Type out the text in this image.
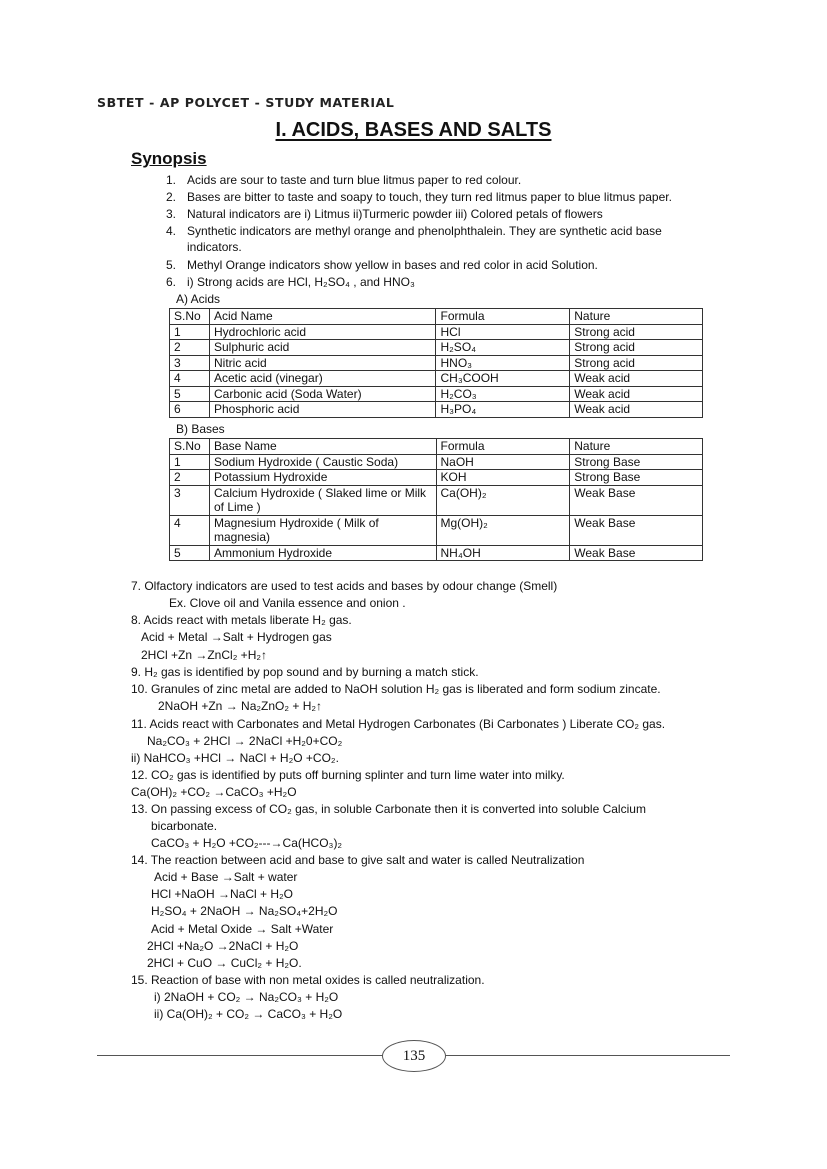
SBTET - AP POLYCET - STUDY MATERIAL
I. ACIDS, BASES AND SALTS
Synopsis
1. Acids are sour to taste and turn blue litmus paper to red colour.
2. Bases are bitter to taste and soapy to touch, they turn red litmus paper to blue litmus paper.
3. Natural indicators are i) Litmus ii)Turmeric powder iii) Colored petals of flowers
4. Synthetic indicators are methyl orange and phenolphthalein. They are synthetic acid base
indicators.
5. Methyl Orange indicators show yellow in bases and red color in acid Solution.
6. i) Strong acids are HCl, H₂SO₄ , and HNO₃
A) Acids
S.No	Acid Name	Formula	Nature
1	Hydrochloric acid	HCl	Strong acid
2	Sulphuric acid	H₂SO₄	Strong acid
3	Nitric acid	HNO₃	Strong acid
4	Acetic acid (vinegar)	CH₃COOH	Weak acid
5	Carbonic acid (Soda Water)	H₂CO₃	Weak acid
6	Phosphoric acid	H₃PO₄	Weak acid
B) Bases
S.No	Base Name	Formula	Nature
1	Sodium Hydroxide ( Caustic Soda)	NaOH	Strong Base
2	Potassium Hydroxide	KOH	Strong Base
3	Calcium Hydroxide ( Slaked lime or Milk of Lime )	Ca(OH)₂	Weak Base
4	Magnesium Hydroxide ( Milk of magnesia)	Mg(OH)₂	Weak Base
5	Ammonium Hydroxide	NH₄OH	Weak Base
7. Olfactory indicators are used to test acids and bases by odour change (Smell)
Ex. Clove oil and Vanila essence and onion .
8. Acids react with metals liberate H₂ gas.
Acid + Metal →Salt + Hydrogen gas
2HCl +Zn →ZnCl₂ +H₂↑
9. H₂ gas is identified by pop sound and by burning a match stick.
10. Granules of zinc metal are added to NaOH solution H₂ gas is liberated and form sodium zincate.
2NaOH +Zn → Na₂ZnO₂ + H₂↑
11. Acids react with Carbonates and Metal Hydrogen Carbonates (Bi Carbonates ) Liberate CO₂ gas.
Na₂CO₃ + 2HCl → 2NaCl +H₂0+CO₂
ii) NaHCO₃ +HCl → NaCl + H₂O +CO₂.
12. CO₂ gas is identified by puts off burning splinter and turn lime water into milky.
Ca(OH)₂ +CO₂ →CaCO₃ +H₂O
13. On passing excess of CO₂ gas, in soluble Carbonate then it is converted into soluble Calcium
bicarbonate.
CaCO₃ + H₂O +CO₂---→Ca(HCO₃)₂
14. The reaction between acid and base to give salt and water is called Neutralization
Acid + Base →Salt + water
HCl +NaOH →NaCl + H₂O
H₂SO₄ + 2NaOH → Na₂SO₄+2H₂O
Acid + Metal Oxide → Salt +Water
2HCl +Na₂O →2NaCl + H₂O
2HCl + CuO → CuCl₂ + H₂O.
15. Reaction of base with non metal oxides is called neutralization.
i) 2NaOH + CO₂ → Na₂CO₃ + H₂O
ii) Ca(OH)₂ + CO₂ → CaCO₃ + H₂O
135
